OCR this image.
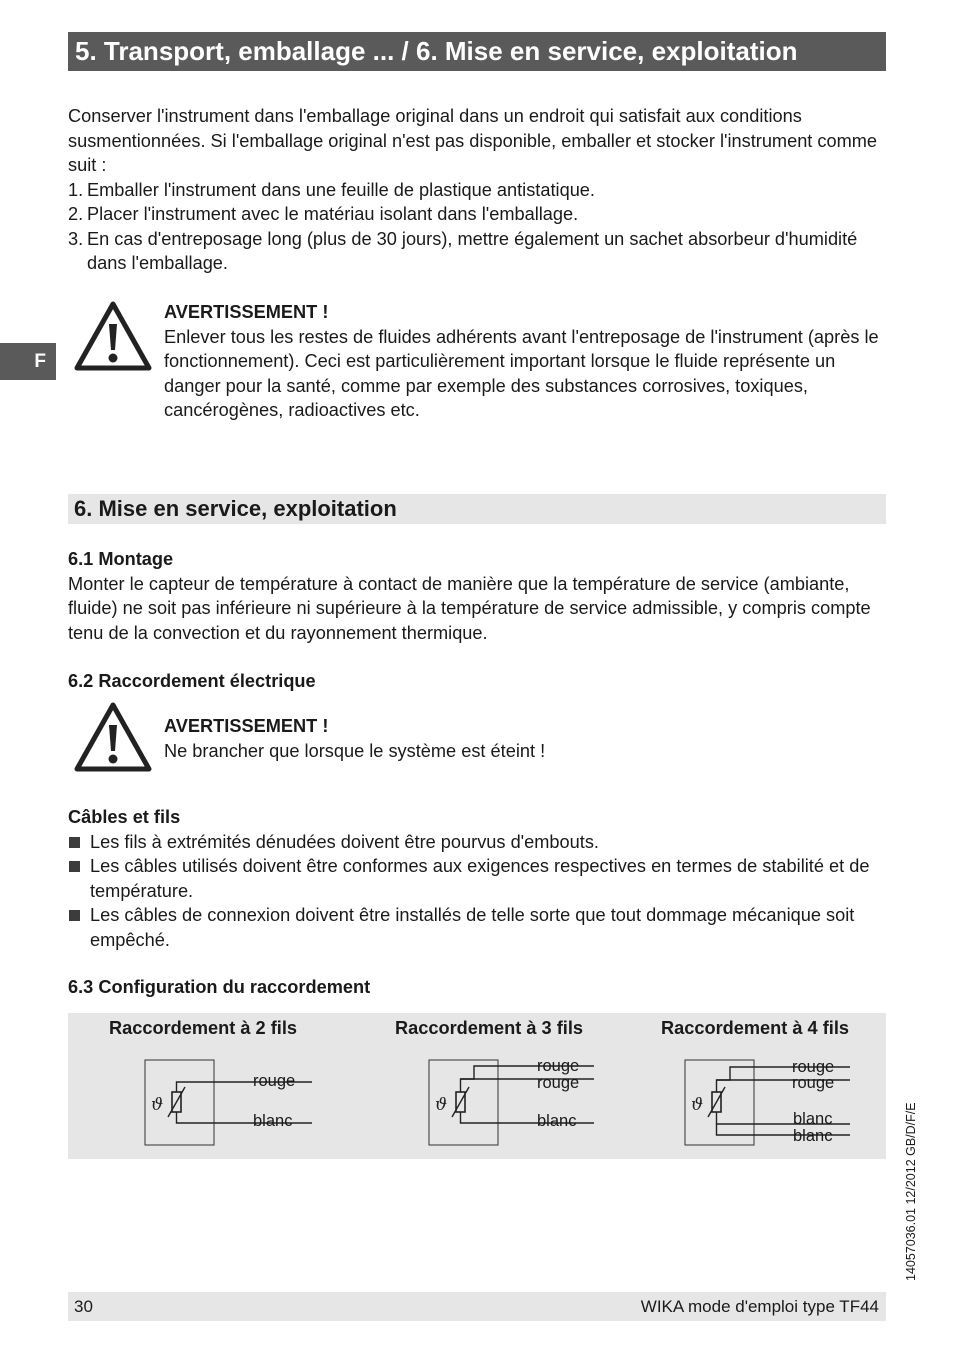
5. Transport, emballage ... / 6. Mise en service, exploitation
F
Conserver l'instrument dans l'emballage original dans un endroit qui satisfait aux conditions susmentionnées. Si l'emballage original n'est pas disponible, emballer et stocker l'instrument comme suit :
1. Emballer l'instrument dans une feuille de plastique antistatique.
2. Placer l'instrument avec le matériau isolant dans l'emballage.
3. En cas d'entreposage long (plus de 30 jours), mettre également un sachet absorbeur d'humidité dans l'emballage.
AVERTISSEMENT !
Enlever tous les restes de fluides adhérents avant l'entreposage de l'instrument (après le fonctionnement). Ceci est particulièrement important lorsque le fluide représente un danger pour la santé, comme par exemple des substances corrosives, toxiques, cancérogènes, radioactives etc.
6. Mise en service, exploitation
6.1 Montage
Monter le capteur de température à contact de manière que la température de service (ambiante, fluide) ne soit pas inférieure ni supérieure à la température de service admissible, y compris compte tenu de la convection et du rayonnement thermique.
6.2 Raccordement électrique
AVERTISSEMENT !
Ne brancher que lorsque le système est éteint !
Câbles et fils
Les fils à extrémités dénudées doivent être pourvus d'embouts.
Les câbles utilisés doivent être conformes aux exigences respectives en termes de stabilité et de température.
Les câbles de connexion doivent être installés de telle sorte que tout dommage mécanique soit empêché.
6.3 Configuration du raccordement
Raccordement à 2 fils	Raccordement à 3 fils	Raccordement à 4 fils
ϑ
rouge
blanc
ϑ
rouge
rouge
blanc
ϑ
rouge
rouge
blanc
blanc	14057036.01 12/2012 GB/D/F/E
30	WIKA mode d'emploi type TF44
